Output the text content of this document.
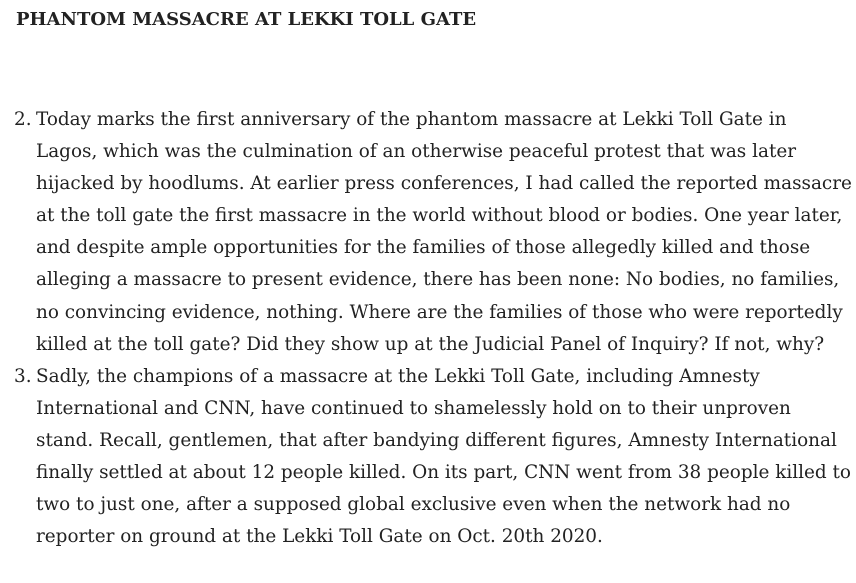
PHANTOM MASSACRE AT LEKKI TOLL GATE
2. Today marks the first anniversary of the phantom massacre at Lekki Toll Gate in Lagos, which was the culmination of an otherwise peaceful protest that was later hijacked by hoodlums. At earlier press conferences, I had called the reported massacre at the toll gate the first massacre in the world without blood or bodies. One year later, and despite ample opportunities for the families of those allegedly killed and those alleging a massacre to present evidence, there has been none: No bodies, no families, no convincing evidence, nothing. Where are the families of those who were reportedly killed at the toll gate? Did they show up at the Judicial Panel of Inquiry? If not, why?
3. Sadly, the champions of a massacre at the Lekki Toll Gate, including Amnesty International and CNN, have continued to shamelessly hold on to their unproven stand. Recall, gentlemen, that after bandying different figures, Amnesty International finally settled at about 12 people killed. On its part, CNN went from 38 people killed to two to just one, after a supposed global exclusive even when the network had no reporter on ground at the Lekki Toll Gate on Oct. 20th 2020.
